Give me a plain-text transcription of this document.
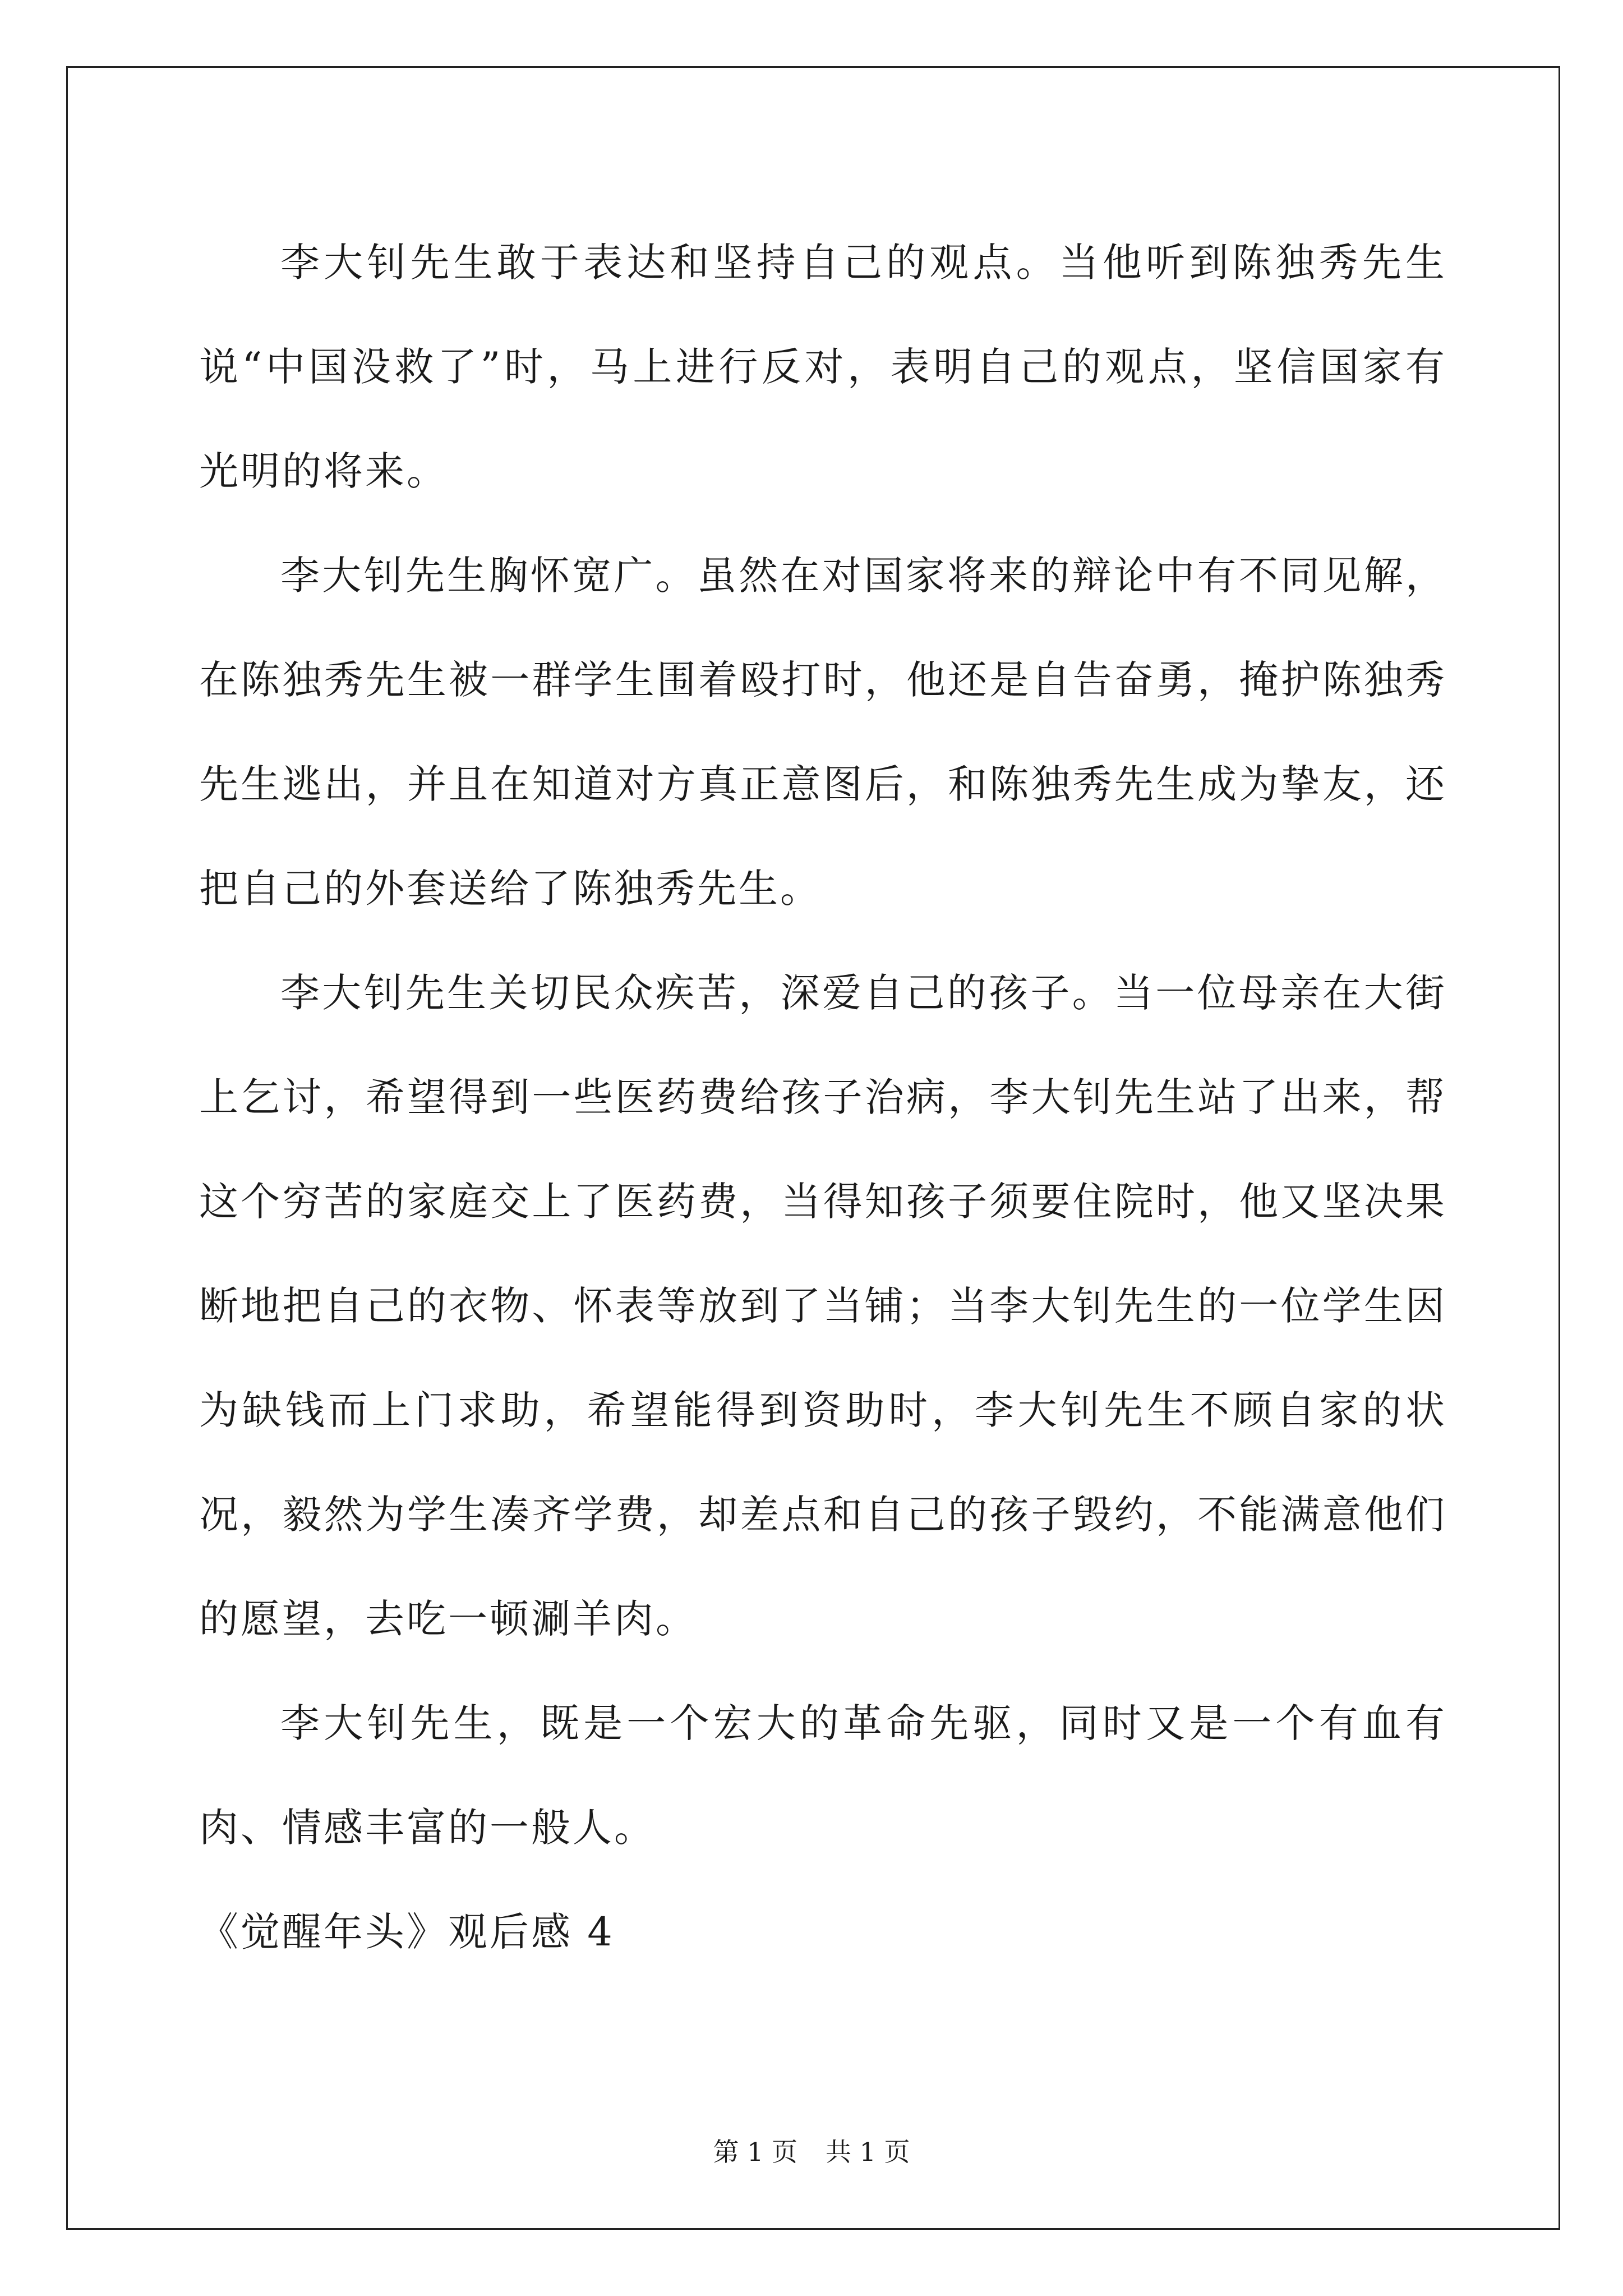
李大钊先生敢于表达和坚持自己的观点。当他听到陈独秀先生说“中国没救了”时，马上进行反对，表明自己的观点，坚信国家有光明的将来。

李大钊先生胸怀宽广。虽然在对国家将来的辩论中有不同见解，在陈独秀先生被一群学生围着殴打时，他还是自告奋勇，掩护陈独秀先生逃出，并且在知道对方真正意图后，和陈独秀先生成为挚友，还把自己的外套送给了陈独秀先生。

李大钊先生关切民众疾苦，深爱自己的孩子。当一位母亲在大街上乞讨，希望得到一些医药费给孩子治病，李大钊先生站了出来，帮这个穷苦的家庭交上了医药费，当得知孩子须要住院时，他又坚决果断地把自己的衣物、怀表等放到了当铺；当李大钊先生的一位学生因为缺钱而上门求助，希望能得到资助时，李大钊先生不顾自家的状况，毅然为学生凑齐学费，却差点和自己的孩子毁约，不能满意他们的愿望，去吃一顿涮羊肉。

李大钊先生，既是一个宏大的革命先驱，同时又是一个有血有肉、情感丰富的一般人。

《觉醒年头》观后感 4

第 1 页 共 1 页
